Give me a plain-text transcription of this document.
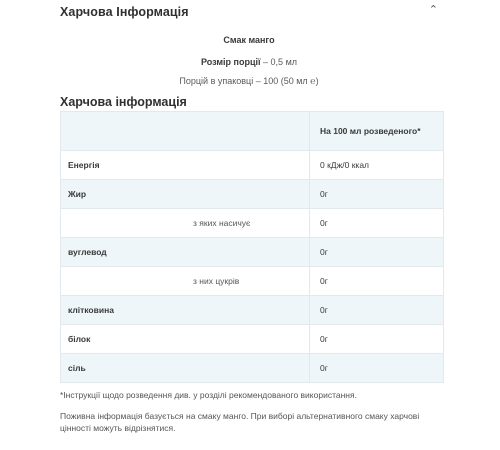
Харчова Інформація	⌃
Смак манго
Розмір порції – 0,5 мл
Порцій в упаковці – 100 (50 мл ℮)
Харчова інформація
	На 100 мл розведеного*
Енергія	0 кДж/0 ккал
Жир	0г

з яких насичує	0г
вуглевод	0г

з них цукрів	0г
клітковина	0г
білок	0г
сіль	0г
*Інструкції щодо розведення див. у розділі рекомендованого використання.
Поживна інформація базується на смаку манго. При виборі альтернативного смаку харчові цінності можуть відрізнятися.
